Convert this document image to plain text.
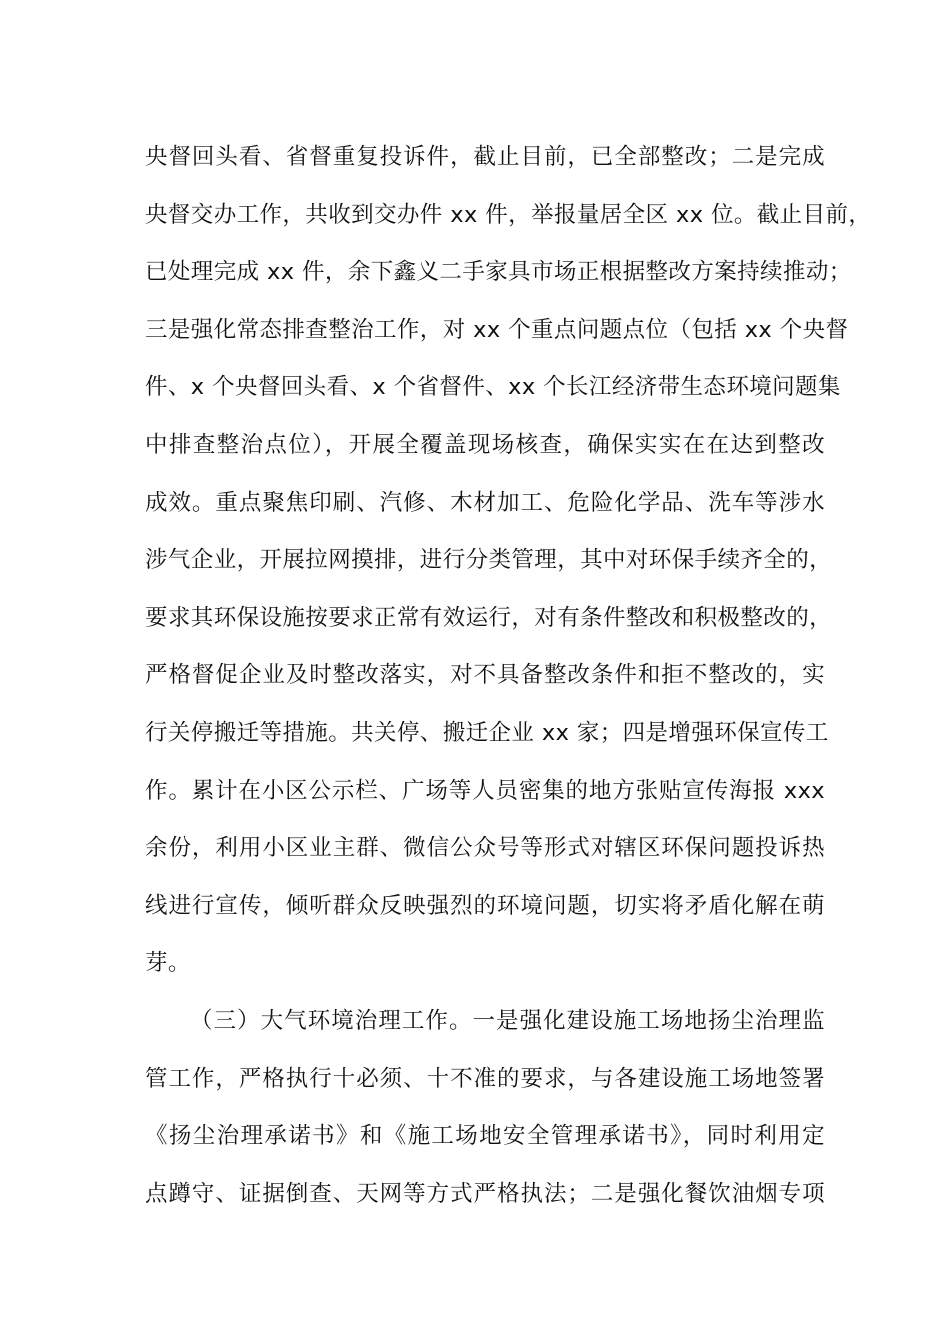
央督回头看、省督重复投诉件，截止目前，已全部整改；二是完成
央督交办工作，共收到交办件 xx 件，举报量居全区 xx 位。截止目前，
已处理完成 xx 件，余下鑫义二手家具市场正根据整改方案持续推动；
三是强化常态排查整治工作，对 xx 个重点问题点位（包括 xx 个央督
件、x 个央督回头看、x 个省督件、xx 个长江经济带生态环境问题集
中排查整治点位），开展全覆盖现场核查，确保实实在在达到整改
成效。重点聚焦印刷、汽修、木材加工、危险化学品、洗车等涉水
涉气企业，开展拉网摸排，进行分类管理，其中对环保手续齐全的，
要求其环保设施按要求正常有效运行，对有条件整改和积极整改的，
严格督促企业及时整改落实，对不具备整改条件和拒不整改的，实
行关停搬迁等措施。共关停、搬迁企业 xx 家；四是增强环保宣传工
作。累计在小区公示栏、广场等人员密集的地方张贴宣传海报 xxx
余份，利用小区业主群、微信公众号等形式对辖区环保问题投诉热
线进行宣传，倾听群众反映强烈的环境问题，切实将矛盾化解在萌
芽。
（三）大气环境治理工作。一是强化建设施工场地扬尘治理监
管工作，严格执行十必须、十不准的要求，与各建设施工场地签署
《扬尘治理承诺书》和《施工场地安全管理承诺书》，同时利用定
点蹲守、证据倒查、天网等方式严格执法；二是强化餐饮油烟专项
